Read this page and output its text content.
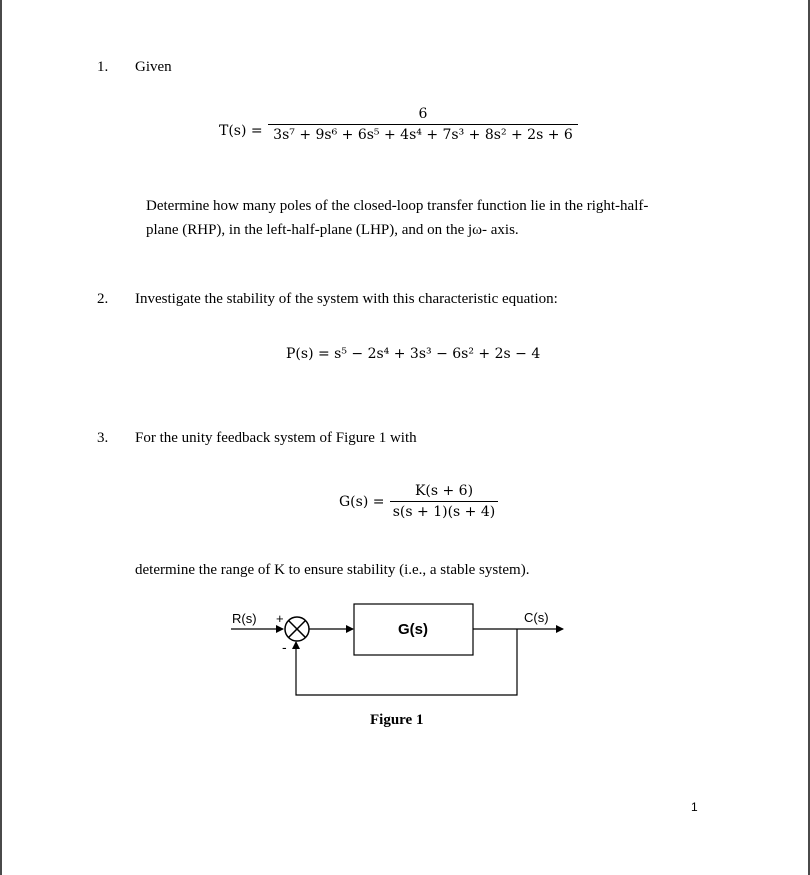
1. Given
T(s) =
6
3s⁷ + 9s⁶ + 6s⁵ + 4s⁴ + 7s³ + 8s² + 2s + 6
Determine how many poles of the closed-loop transfer function lie in the right-half-
plane (RHP), in the left-half-plane (LHP), and on the jω- axis.
2. Investigate the stability of the system with this characteristic equation:
P(s) = s⁵ − 2s⁴ + 3s³ − 6s² + 2s − 4
3. For the unity feedback system of Figure 1 with
G(s) =
K(s + 6)
s(s + 1)(s + 4)
determine the range of K to ensure stability (i.e., a stable system).
R(s) +
-
G(s)
C(s)
Figure 1
1
